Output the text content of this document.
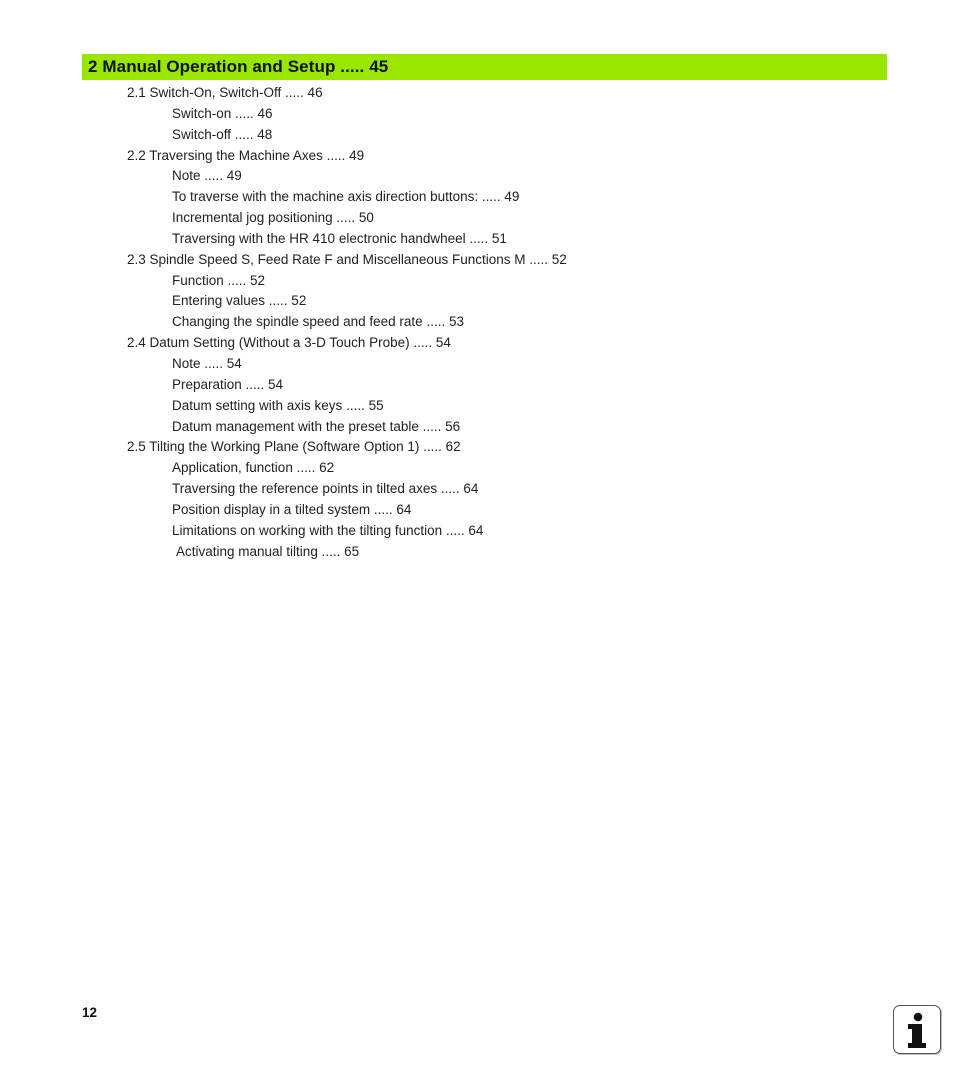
2 Manual Operation and Setup ..... 45
2.1 Switch-On, Switch-Off ..... 46
Switch-on ..... 46
Switch-off ..... 48
2.2 Traversing the Machine Axes ..... 49
Note ..... 49
To traverse with the machine axis direction buttons: ..... 49
Incremental jog positioning ..... 50
Traversing with the HR 410 electronic handwheel ..... 51
2.3 Spindle Speed S, Feed Rate F and Miscellaneous Functions M ..... 52
Function ..... 52
Entering values ..... 52
Changing the spindle speed and feed rate ..... 53
2.4 Datum Setting (Without a 3-D Touch Probe) ..... 54
Note ..... 54
Preparation ..... 54
Datum setting with axis keys ..... 55
Datum management with the preset table ..... 56
2.5 Tilting the Working Plane (Software Option 1) ..... 62
Application, function ..... 62
Traversing the reference points in tilted axes ..... 64
Position display in a tilted system ..... 64
Limitations on working with the tilting function ..... 64
Activating manual tilting ..... 65
12
